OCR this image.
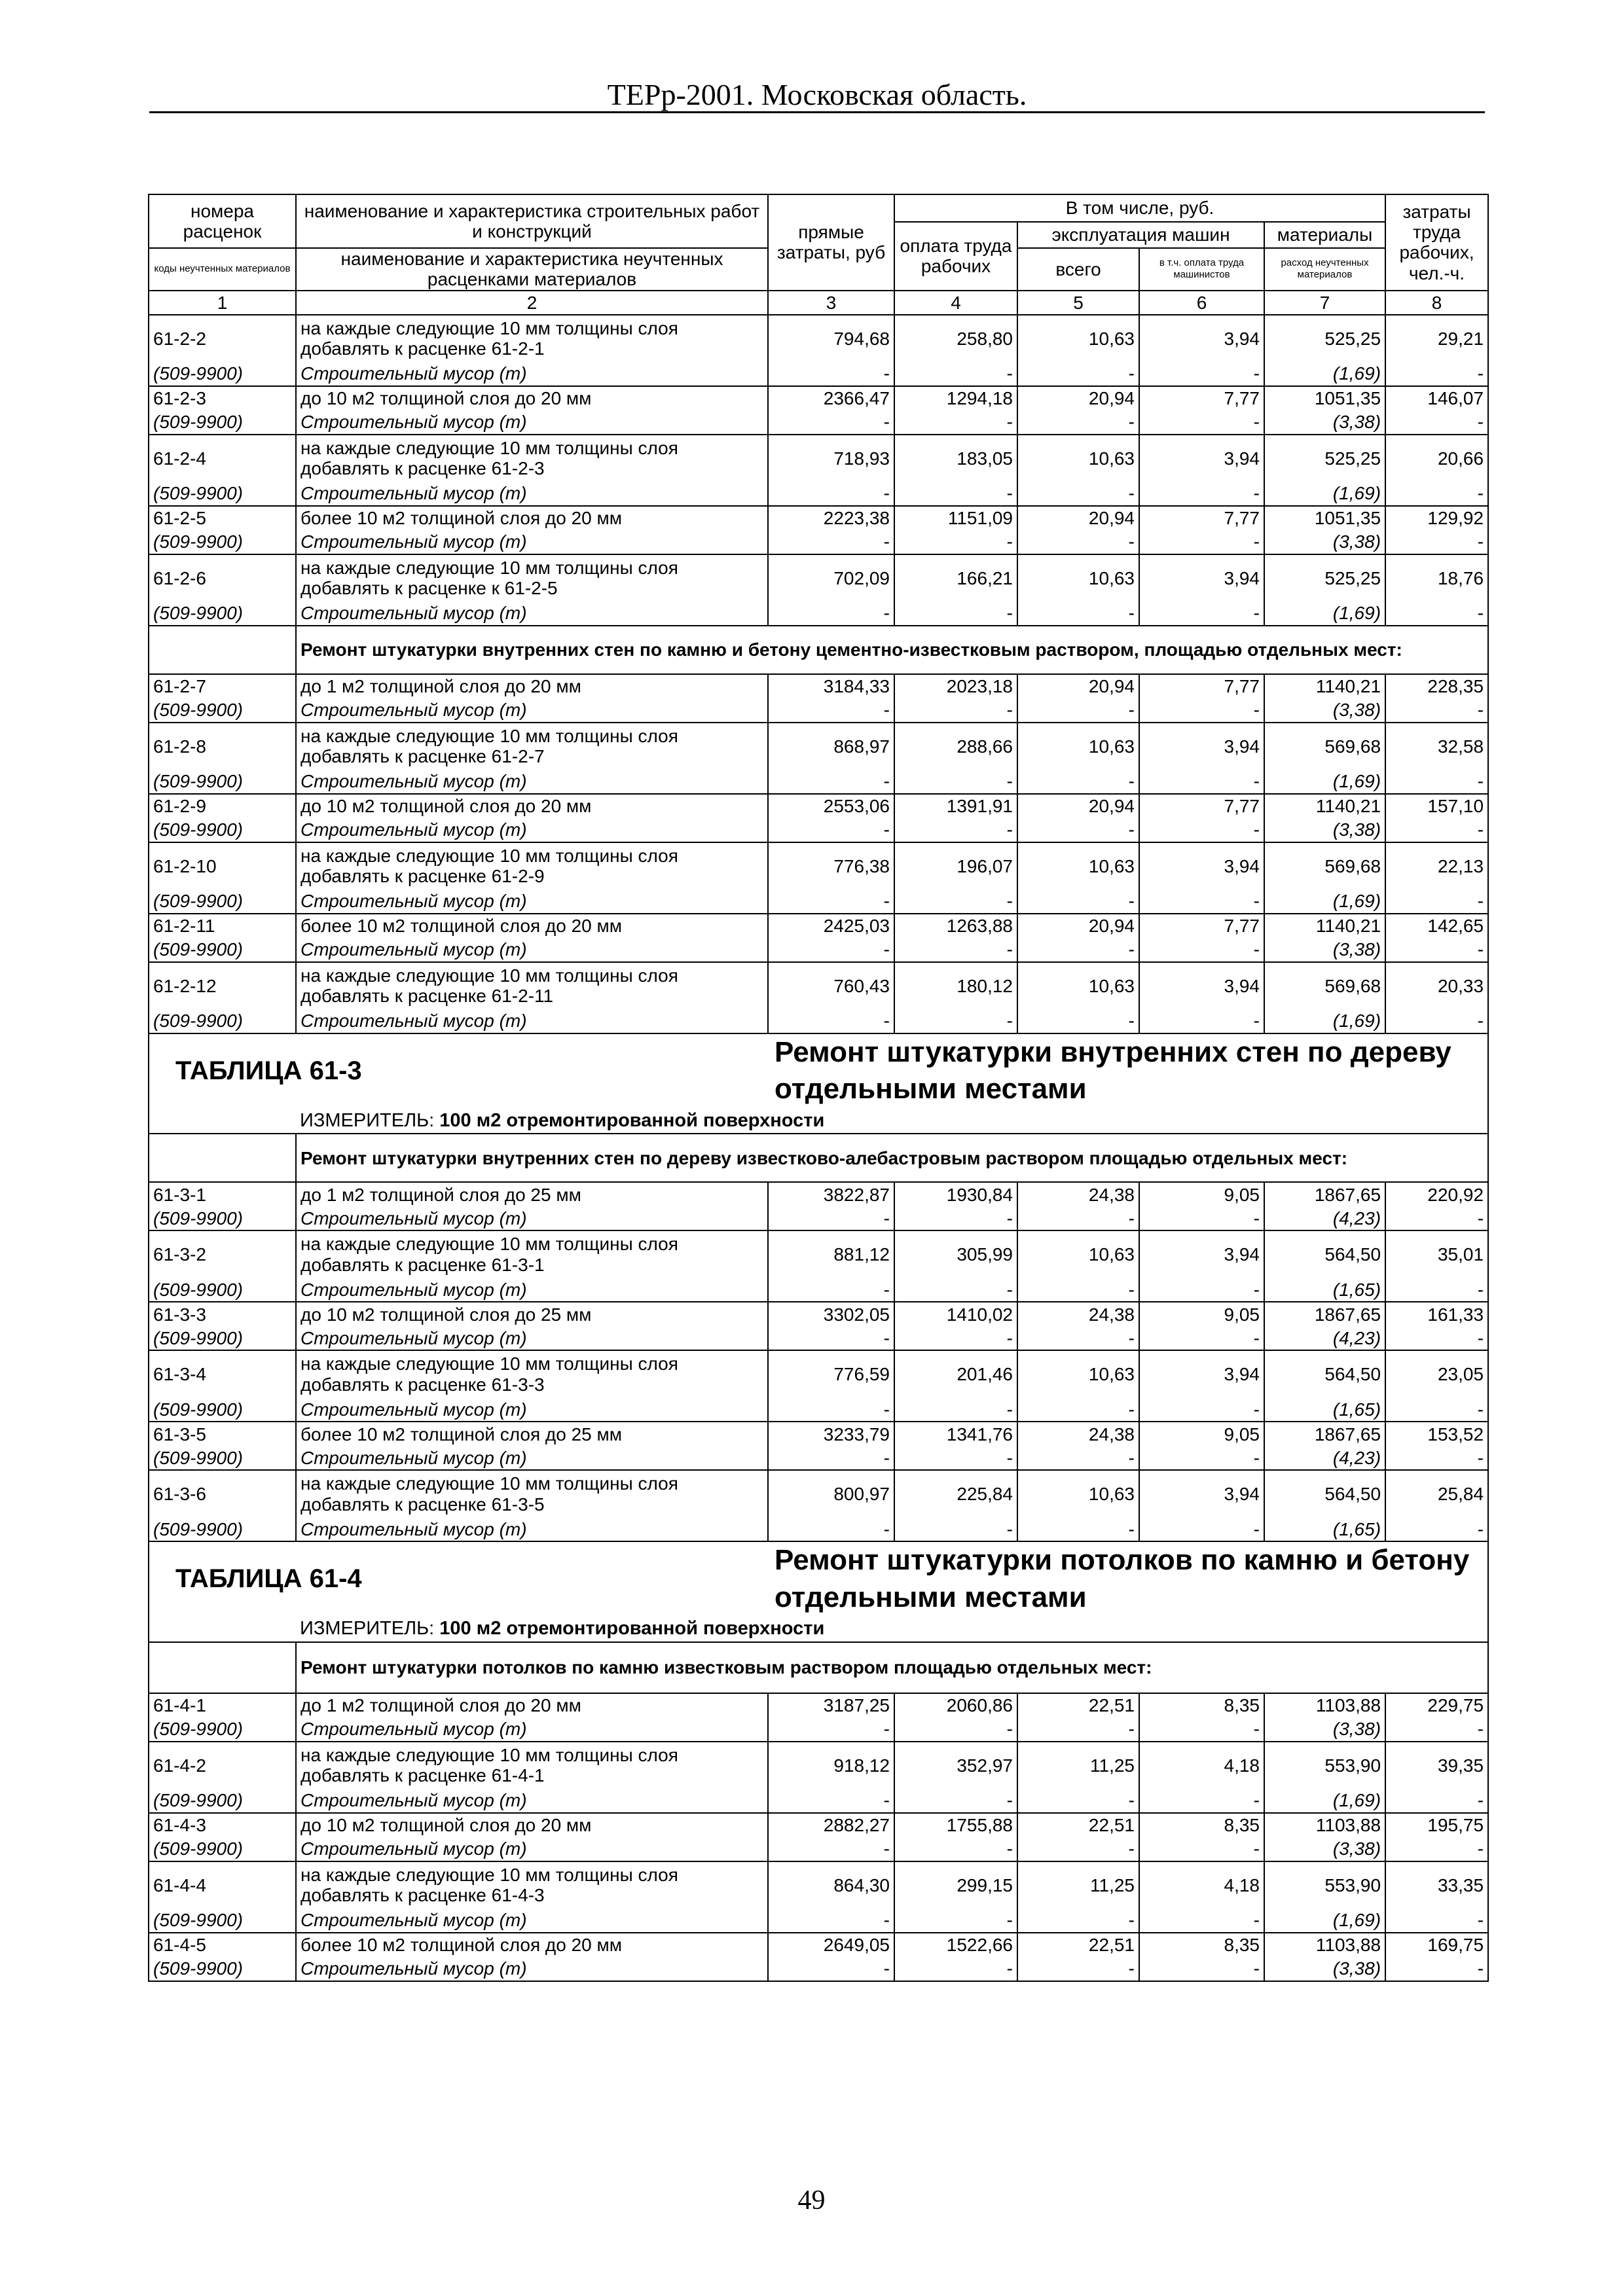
ТЕРр-2001. Московская область.
номера расценок	наименование и характеристика строительных работ и конструкций	прямые затраты, руб	В том числе, руб.				затраты труда рабочих, чел.-ч.
			оплата труда рабочих	эксплуатация машин		материалы	
коды неучтенных материалов	наименование и характеристика неучтенных расценками материалов			всего	в т.ч. оплата труда машинистов	расход неучтенных материалов	

1	2	3	4	5	6	7	8
61-2-2	на каждые следующие 10 мм толщины слоя добавлять к расценке 61-2-1	794,68	258,80	10,63	3,94	525,25	29,21
(509-9900)	Строительный мусор (т)	-	-	-	-	(1,69)	-
61-2-3	до 10 м2 толщиной слоя до 20 мм	2366,47	1294,18	20,94	7,77	1051,35	146,07
(509-9900)	Строительный мусор (т)	-	-	-	-	(3,38)	-
61-2-4	на каждые следующие 10 мм толщины слоя добавлять к расценке 61-2-3	718,93	183,05	10,63	3,94	525,25	20,66
(509-9900)	Строительный мусор (т)	-	-	-	-	(1,69)	-
61-2-5	более 10 м2 толщиной слоя до 20 мм	2223,38	1151,09	20,94	7,77	1051,35	129,92
(509-9900)	Строительный мусор (т)	-	-	-	-	(3,38)	-
61-2-6	на каждые следующие 10 мм толщины слоя добавлять к расценке к 61-2-5	702,09	166,21	10,63	3,94	525,25	18,76
(509-9900)	Строительный мусор (т)	-	-	-	-	(1,69)	-
	Ремонт штукатурки внутренних стен по камню и бетону цементно-известковым раствором, площадью отдельных мест:						
61-2-7	до 1 м2 толщиной слоя до 20 мм	3184,33	2023,18	20,94	7,77	1140,21	228,35
(509-9900)	Строительный мусор (т)	-	-	-	-	(3,38)	-
61-2-8	на каждые следующие 10 мм толщины слоя добавлять к расценке 61-2-7	868,97	288,66	10,63	3,94	569,68	32,58
(509-9900)	Строительный мусор (т)	-	-	-	-	(1,69)	-
61-2-9	до 10 м2 толщиной слоя до 20 мм	2553,06	1391,91	20,94	7,77	1140,21	157,10
(509-9900)	Строительный мусор (т)	-	-	-	-	(3,38)	-
61-2-10	на каждые следующие 10 мм толщины слоя добавлять к расценке 61-2-9	776,38	196,07	10,63	3,94	569,68	22,13
(509-9900)	Строительный мусор (т)	-	-	-	-	(1,69)	-
61-2-11	более 10 м2 толщиной слоя до 20 мм	2425,03	1263,88	20,94	7,77	1140,21	142,65
(509-9900)	Строительный мусор (т)	-	-	-	-	(3,38)	-
61-2-12	на каждые следующие 10 мм толщины слоя добавлять к расценке 61-2-11	760,43	180,12	10,63	3,94	569,68	20,33
(509-9900)	Строительный мусор (т)	-	-	-	-	(1,69)	-
ТАБЛИЦА 61-3		Ремонт штукатурки внутренних стен по дереву отдельными местами					
	ИЗМЕРИТЕЛЬ: 100 м2 отремонтированной поверхности						
	Ремонт штукатурки внутренних стен по дереву известково-алебастровым раствором площадью отдельных мест:						
61-3-1	до 1 м2 толщиной слоя до 25 мм	3822,87	1930,84	24,38	9,05	1867,65	220,92
(509-9900)	Строительный мусор (т)	-	-	-	-	(4,23)	-
61-3-2	на каждые следующие 10 мм толщины слоя добавлять к расценке 61-3-1	881,12	305,99	10,63	3,94	564,50	35,01
(509-9900)	Строительный мусор (т)	-	-	-	-	(1,65)	-
61-3-3	до 10 м2 толщиной слоя до 25 мм	3302,05	1410,02	24,38	9,05	1867,65	161,33
(509-9900)	Строительный мусор (т)	-	-	-	-	(4,23)	-
61-3-4	на каждые следующие 10 мм толщины слоя добавлять к расценке 61-3-3	776,59	201,46	10,63	3,94	564,50	23,05
(509-9900)	Строительный мусор (т)	-	-	-	-	(1,65)	-
61-3-5	более 10 м2 толщиной слоя до 25 мм	3233,79	1341,76	24,38	9,05	1867,65	153,52
(509-9900)	Строительный мусор (т)	-	-	-	-	(4,23)	-
61-3-6	на каждые следующие 10 мм толщины слоя добавлять к расценке 61-3-5	800,97	225,84	10,63	3,94	564,50	25,84
(509-9900)	Строительный мусор (т)	-	-	-	-	(1,65)	-
ТАБЛИЦА 61-4		Ремонт штукатурки потолков по камню и бетону отдельными местами					
	ИЗМЕРИТЕЛЬ: 100 м2 отремонтированной поверхности						
	Ремонт штукатурки потолков по камню известковым раствором площадью отдельных мест:						
61-4-1	до 1 м2 толщиной слоя до 20 мм	3187,25	2060,86	22,51	8,35	1103,88	229,75
(509-9900)	Строительный мусор (т)	-	-	-	-	(3,38)	-
61-4-2	на каждые следующие 10 мм толщины слоя добавлять к расценке 61-4-1	918,12	352,97	11,25	4,18	553,90	39,35
(509-9900)	Строительный мусор (т)	-	-	-	-	(1,69)	-
61-4-3	до 10 м2 толщиной слоя до 20 мм	2882,27	1755,88	22,51	8,35	1103,88	195,75
(509-9900)	Строительный мусор (т)	-	-	-	-	(3,38)	-
61-4-4	на каждые следующие 10 мм толщины слоя добавлять к расценке 61-4-3	864,30	299,15	11,25	4,18	553,90	33,35
(509-9900)	Строительный мусор (т)	-	-	-	-	(1,69)	-
61-4-5	более 10 м2 толщиной слоя до 20 мм	2649,05	1522,66	22,51	8,35	1103,88	169,75
(509-9900)	Строительный мусор (т)	-	-	-	-	(3,38)	-
49
